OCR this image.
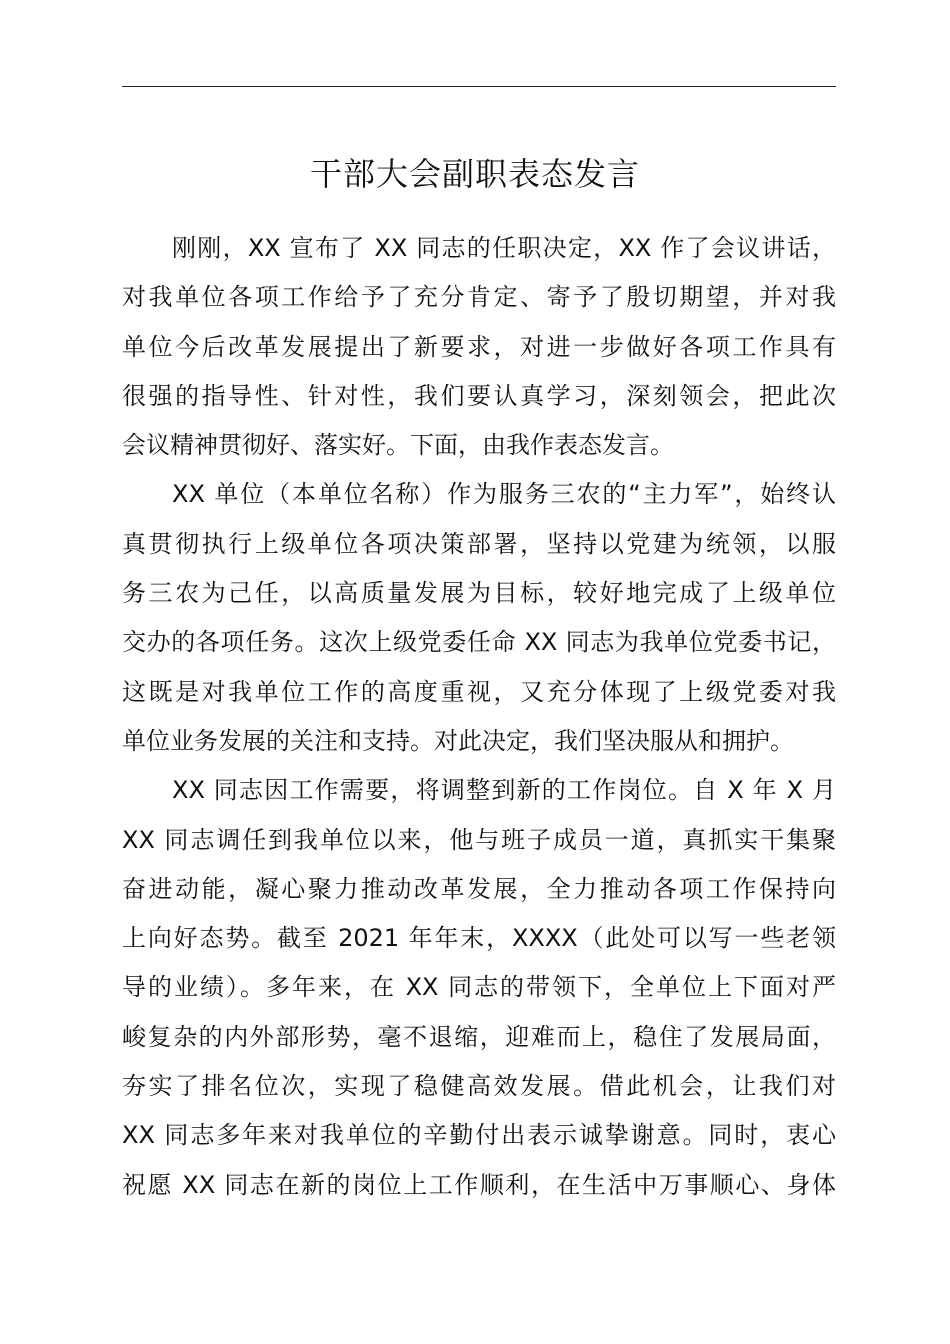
干部大会副职表态发言
刚刚，XX 宣布了 XX 同志的任职决定，XX 作了会议讲话，
对我单位各项工作给予了充分肯定、寄予了殷切期望，并对我
单位今后改革发展提出了新要求，对进一步做好各项工作具有
很强的指导性、针对性，我们要认真学习，深刻领会，把此次
会议精神贯彻好、落实好。下面，由我作表态发言。
XX 单位（本单位名称）作为服务三农的“主力军”，始终认
真贯彻执行上级单位各项决策部署，坚持以党建为统领，以服
务三农为己任，以高质量发展为目标，较好地完成了上级单位
交办的各项任务。这次上级党委任命 XX 同志为我单位党委书记，
这既是对我单位工作的高度重视，又充分体现了上级党委对我
单位业务发展的关注和支持。对此决定，我们坚决服从和拥护。
XX 同志因工作需要，将调整到新的工作岗位。自 X 年 X 月
XX 同志调任到我单位以来，他与班子成员一道，真抓实干集聚
奋进动能，凝心聚力推动改革发展，全力推动各项工作保持向
上向好态势。截至 2021 年年末，XXXX（此处可以写一些老领
导的业绩）。多年来，在 XX 同志的带领下，全单位上下面对严
峻复杂的内外部形势，毫不退缩，迎难而上，稳住了发展局面，
夯实了排名位次，实现了稳健高效发展。借此机会，让我们对
XX 同志多年来对我单位的辛勤付出表示诚挚谢意。同时，衷心
祝愿 XX 同志在新的岗位上工作顺利，在生活中万事顺心、身体
